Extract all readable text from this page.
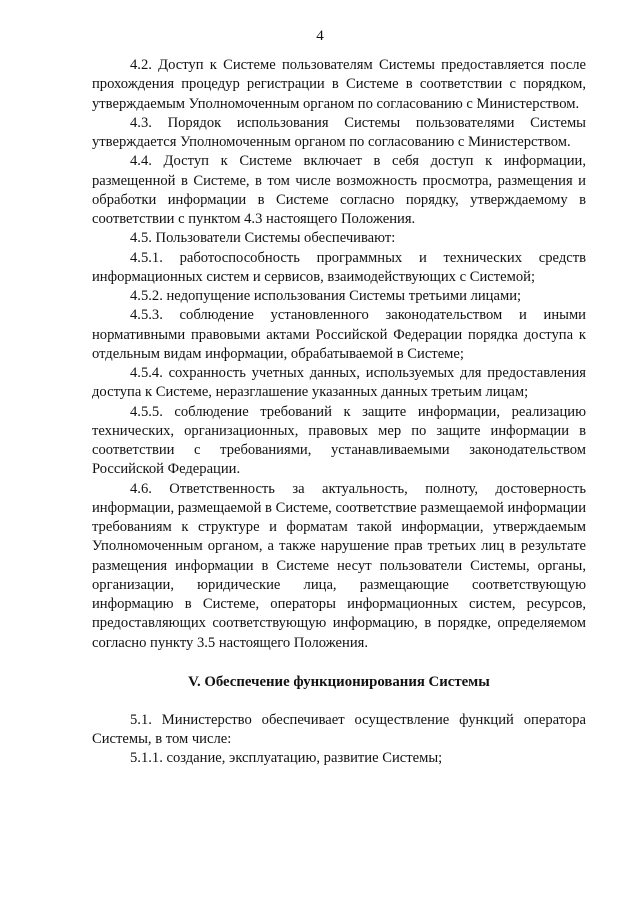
4

4.2. Доступ к Системе пользователям Системы предоставляется после прохождения процедур регистрации в Системе в соответствии с порядком, утверждаемым Уполномоченным органом по согласованию с Министерством.

4.3. Порядок использования Системы пользователями Системы утверждается Уполномоченным органом по согласованию с Министерством.

4.4. Доступ к Системе включает в себя доступ к информации, размещенной в Системе, в том числе возможность просмотра, размещения и обработки информации в Системе согласно порядку, утверждаемому в соответствии с пунктом 4.3 настоящего Положения.

4.5. Пользователи Системы обеспечивают:

4.5.1. работоспособность программных и технических средств информационных систем и сервисов, взаимодействующих с Системой;

4.5.2. недопущение использования Системы третьими лицами;

4.5.3. соблюдение установленного законодательством и иными нормативными правовыми актами Российской Федерации порядка доступа к отдельным видам информации, обрабатываемой в Системе;

4.5.4. сохранность учетных данных, используемых для предоставления доступа к Системе, неразглашение указанных данных третьим лицам;

4.5.5. соблюдение требований к защите информации, реализацию технических, организационных, правовых мер по защите информации в соответствии с требованиями, устанавливаемыми законодательством Российской Федерации.

4.6. Ответственность за актуальность, полноту, достоверность информации, размещаемой в Системе, соответствие размещаемой информации требованиям к структуре и форматам такой информации, утверждаемым Уполномоченным органом, а также нарушение прав третьих лиц в результате размещения информации в Системе несут пользователи Системы, органы, организации, юридические лица, размещающие соответствующую информацию в Системе, операторы информационных систем, ресурсов, предоставляющих соответствующую информацию, в порядке, определяемом согласно пункту 3.5 настоящего Положения.

V. Обеспечение функционирования Системы

5.1. Министерство обеспечивает осуществление функций оператора Системы, в том числе:

5.1.1. создание, эксплуатацию, развитие Системы;
